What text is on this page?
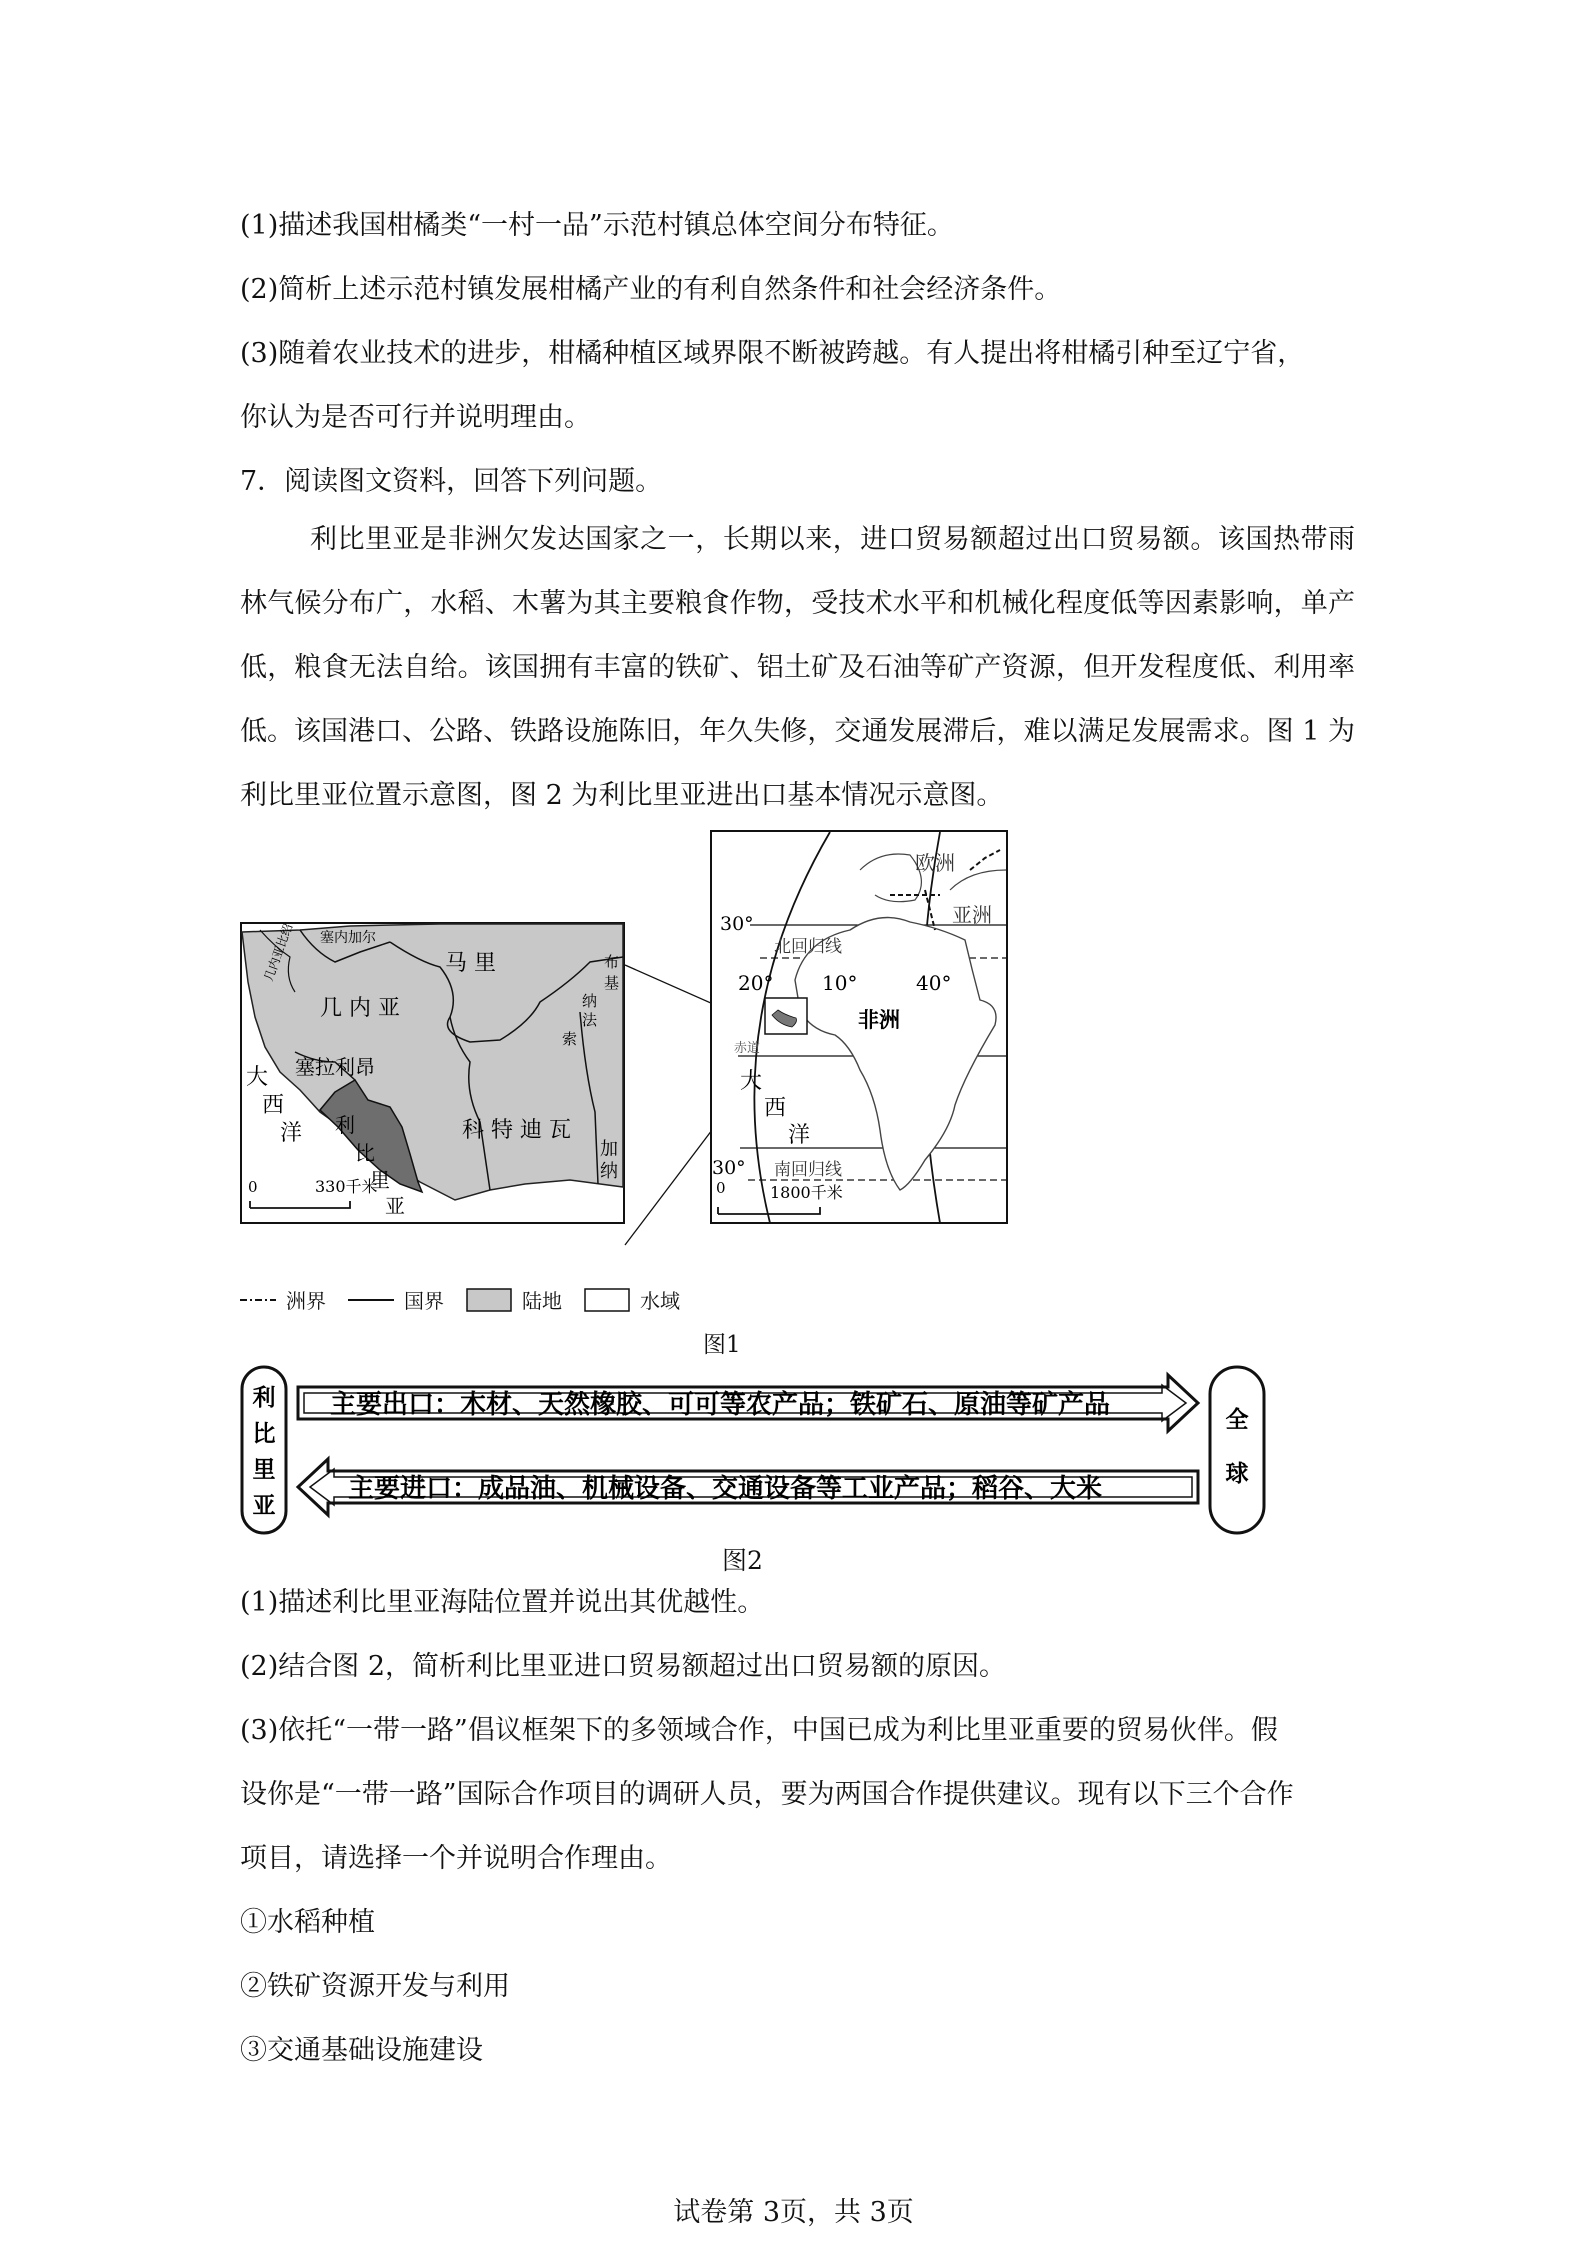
(1)描述我国柑橘类“一村一品”示范村镇总体空间分布特征。
(2)简析上述示范村镇发展柑橘产业的有利自然条件和社会经济条件。
(3)随着农业技术的进步，柑橘种植区域界限不断被跨越。有人提出将柑橘引种至辽宁省，
你认为是否可行并说明理由。
7．阅读图文资料，回答下列问题。
利比里亚是非洲欠发达国家之一，长期以来，进口贸易额超过出口贸易额。该国热带雨林气候分布广，水稻、木薯为其主要粮食作物，受技术水平和机械化程度低等因素影响，单产低，粮食无法自给。该国拥有丰富的铁矿、铝土矿及石油等矿产资源，但开发程度低、利用率低。该国港口、公路、铁路设施陈旧，年久失修，交通发展滞后，难以满足发展需求。图 1 为利比里亚位置示意图，图 2 为利比里亚进出口基本情况示意图。
马 里
几 内 亚
几内亚比绍 塞内加尔
布
基
纳
法
索
大
西
洋
塞拉利昂
利
比
里
亚
科 特 迪 瓦
加
纳
0	330千米
欧洲
亚洲
北回归线
南回归线
30°
30°
20° 10°	40°
非洲
赤道
大
西
洋
0	1800千米
洲界	国界	陆地	水域
图1
利
比
里
亚
全
球
主要出口：木材、天然橡胶、可可等农产品；铁矿石、原油等矿产品
主要进口：成品油、机械设备、交通设备等工业产品；稻谷、大米
图2
(1)描述利比里亚海陆位置并说出其优越性。
(2)结合图 2，简析利比里亚进口贸易额超过出口贸易额的原因。
(3)依托“一带一路”倡议框架下的多领域合作，中国已成为利比里亚重要的贸易伙伴。假
设你是“一带一路”国际合作项目的调研人员，要为两国合作提供建议。现有以下三个合作
项目，请选择一个并说明合作理由。
①水稻种植
②铁矿资源开发与利用
③交通基础设施建设
试卷第 3页，共 3页
